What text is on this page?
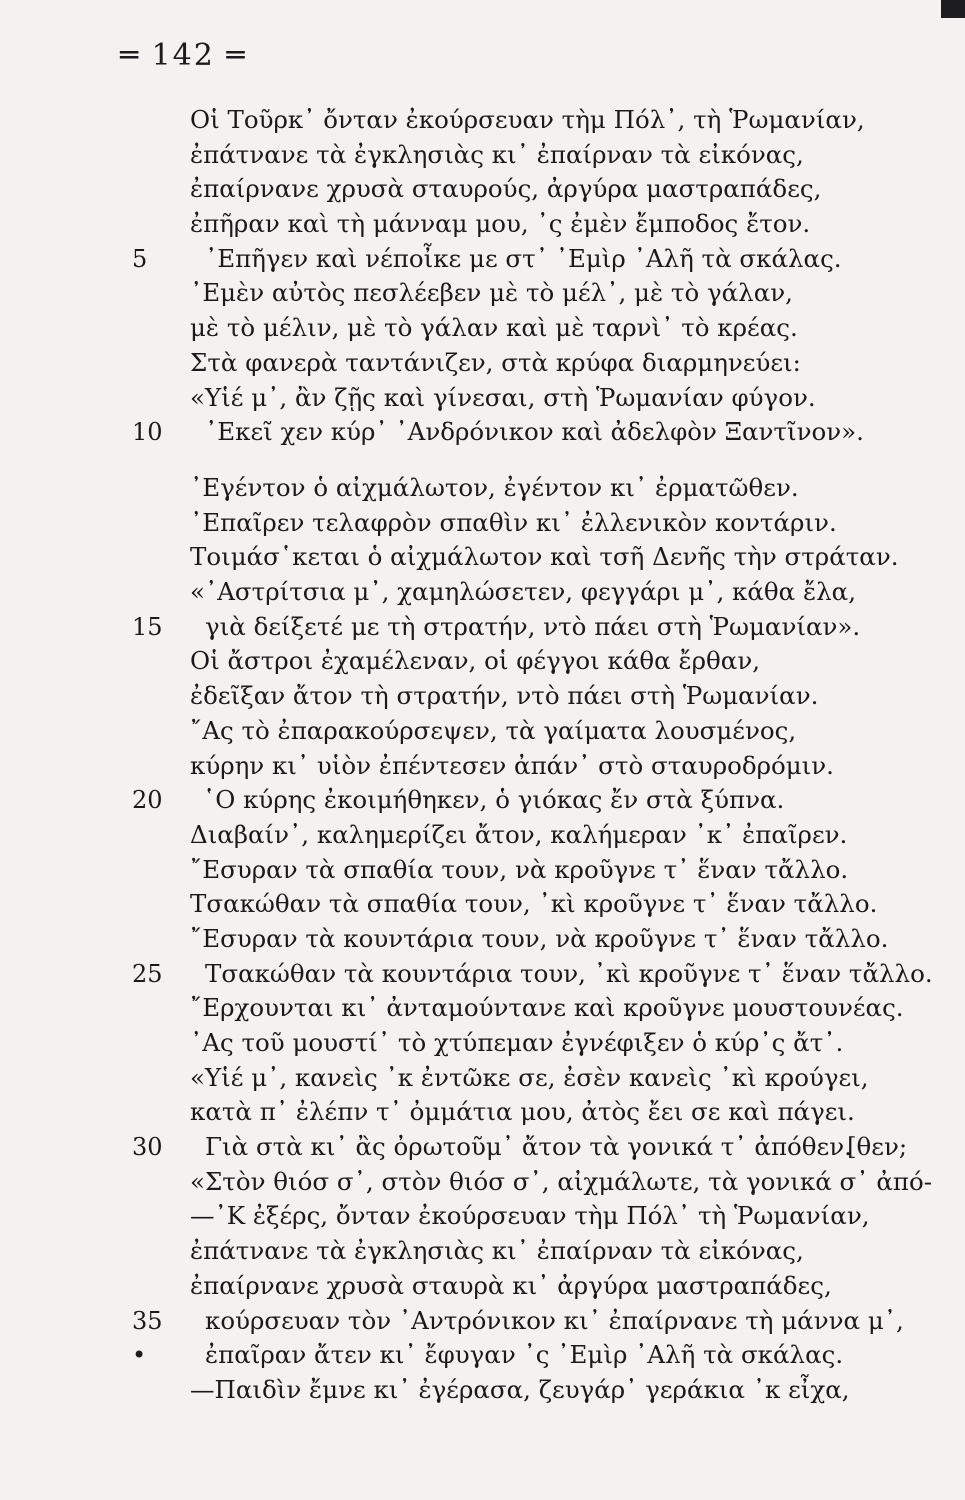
═ 142 ═
Οἱ Τοῦρκ᾽ ὄνταν ἐκούρσευαν τὴμ Πόλ᾽, τὴ Ῥωμανίαν,
ἐπάτνανε τὰ ἐγκλησιὰς κι᾽ ἐπαίρναν τὰ εἰκόνας,
ἐπαίρνανε χρυσὰ σταυρούς, ἀργύρα μαστραπάδες,
ἐπῆραν καὶ τὴ μάνναμ μου, ᾽ς ἐμὲν ἔμποδος ἔτον.
5	᾽Επῆγεν καὶ νέποἶκε με στ᾽ ᾽Εμὶρ ᾽Αλῆ τὰ σκάλας.
᾽Εμὲν αὐτὸς πεσλέεβεν μὲ τὸ μέλ᾽, μὲ τὸ γάλαν,
μὲ τὸ μέλιν, μὲ τὸ γάλαν καὶ μὲ ταρνὶ᾽ τὸ κρέας.
Στὰ φανερὰ ταντάνιζεν, στὰ κρύφα διαρμηνεύει:
«Υἱέ μ᾽, ἂν ζῇς καὶ γίνεσαι, στὴ Ῥωμανίαν φύγον.
10	᾽Εκεῖ χεν κύρ᾽ ᾽Ανδρόνικον καὶ ἀδελφὸν Ξαντῖνον».
᾽Εγέντον ὁ αἰχμάλωτον, ἐγέντον κι᾽ ἐρματῶθεν.
᾽Επαῖρεν τελαφρὸν σπαθὶν κι᾽ ἐλλενικὸν κοντάριν.
Τοιμάσ῾κεται ὁ αἰχμάλωτον καὶ τσῆ Δενῆς τὴν στράταν.
«᾽Αστρίτσια μ᾽, χαμηλώσετεν, φεγγάρι μ᾽, κάθα ἔλα,
15	γιὰ δείξετέ με τὴ στρατήν, ντὸ πάει στὴ Ῥωμανίαν».
Οἱ ἄστροι ἐχαμέλεναν, οἱ φέγγοι κάθα ἔρθαν,
ἐδεῖξαν ἄτον τὴ στρατήν, ντὸ πάει στὴ Ῥωμανίαν.
῎Ας τὸ ἐπαρακούρσεψεν, τὰ γαίματα λουσμένος,
κύρην κι᾽ υἱὸν ἐπέντεσεν ἀπάν᾽ στὸ σταυροδρόμιν.
20	῾Ο κύρης ἐκοιμήθηκεν, ὁ γιόκας ἔν στὰ ξύπνα.
Διαβαίν᾽, καλημερίζει ἄτον, καλήμεραν ᾽κ᾽ ἐπαῖρεν.
῎Εσυραν τὰ σπαθία τουν, νὰ κροῦγνε τ᾽ ἕναν τἄλλο.
Τσακώθαν τὰ σπαθία τουν, ᾽κὶ κροῦγνε τ᾽ ἕναν τἄλλο.
῎Εσυραν τὰ κουντάρια τουν, νὰ κροῦγνε τ᾽ ἕναν τἄλλο.
25	Τσακώθαν τὰ κουντάρια τουν, ᾽κὶ κροῦγνε τ᾽ ἕναν τἄλλο.
῎Ερχουνται κι᾽ ἀνταμούντανε καὶ κροῦγνε μουστουνέας.
᾽Ας τοῦ μουστί᾽ τὸ χτύπεμαν ἐγνέφιξεν ὁ κύρ᾽ς ἄτ᾽.
«Υἱέ μ᾽, κανεὶς ᾽κ ἐντῶκε σε, ἐσὲν κανεὶς ᾽κὶ κρούγει,
κατὰ π᾽ ἐλέπν τ᾽ ὀμμάτια μου, ἀτὸς ἔει σε καὶ πάγει.
30	Γιὰ στὰ κι᾽ ἂς ὀρωτοῦμ᾽ ἄτον τὰ γονικά τ᾽ ἀπόθεν.
[θεν;
«Στὸν θιόσ σ᾽, στὸν θιόσ σ᾽, αἰχμάλωτε, τὰ γονικά σ᾽ ἀπό-
—᾽Κ ἐξέρς, ὄνταν ἐκούρσευαν τὴμ Πόλ᾽ τὴ Ῥωμανίαν,
ἐπάτνανε τὰ ἐγκλησιὰς κι᾽ ἐπαίρναν τὰ εἰκόνας,
ἐπαίρνανε χρυσὰ σταυρὰ κι᾽ ἀργύρα μαστραπάδες,
35	κούρσευαν τὸν ᾽Αντρόνικον κι᾽ ἐπαίρνανε τὴ μάννα μ᾽,
•	ἐπαῖραν ἄτεν κι᾽ ἔφυγαν ᾽ς ᾽Εμὶρ ᾽Αλῆ τὰ σκάλας.
—Παιδὶν ἔμνε κι᾽ ἐγέρασα, ζευγάρ᾽ γεράκια ᾽κ εἶχα,
